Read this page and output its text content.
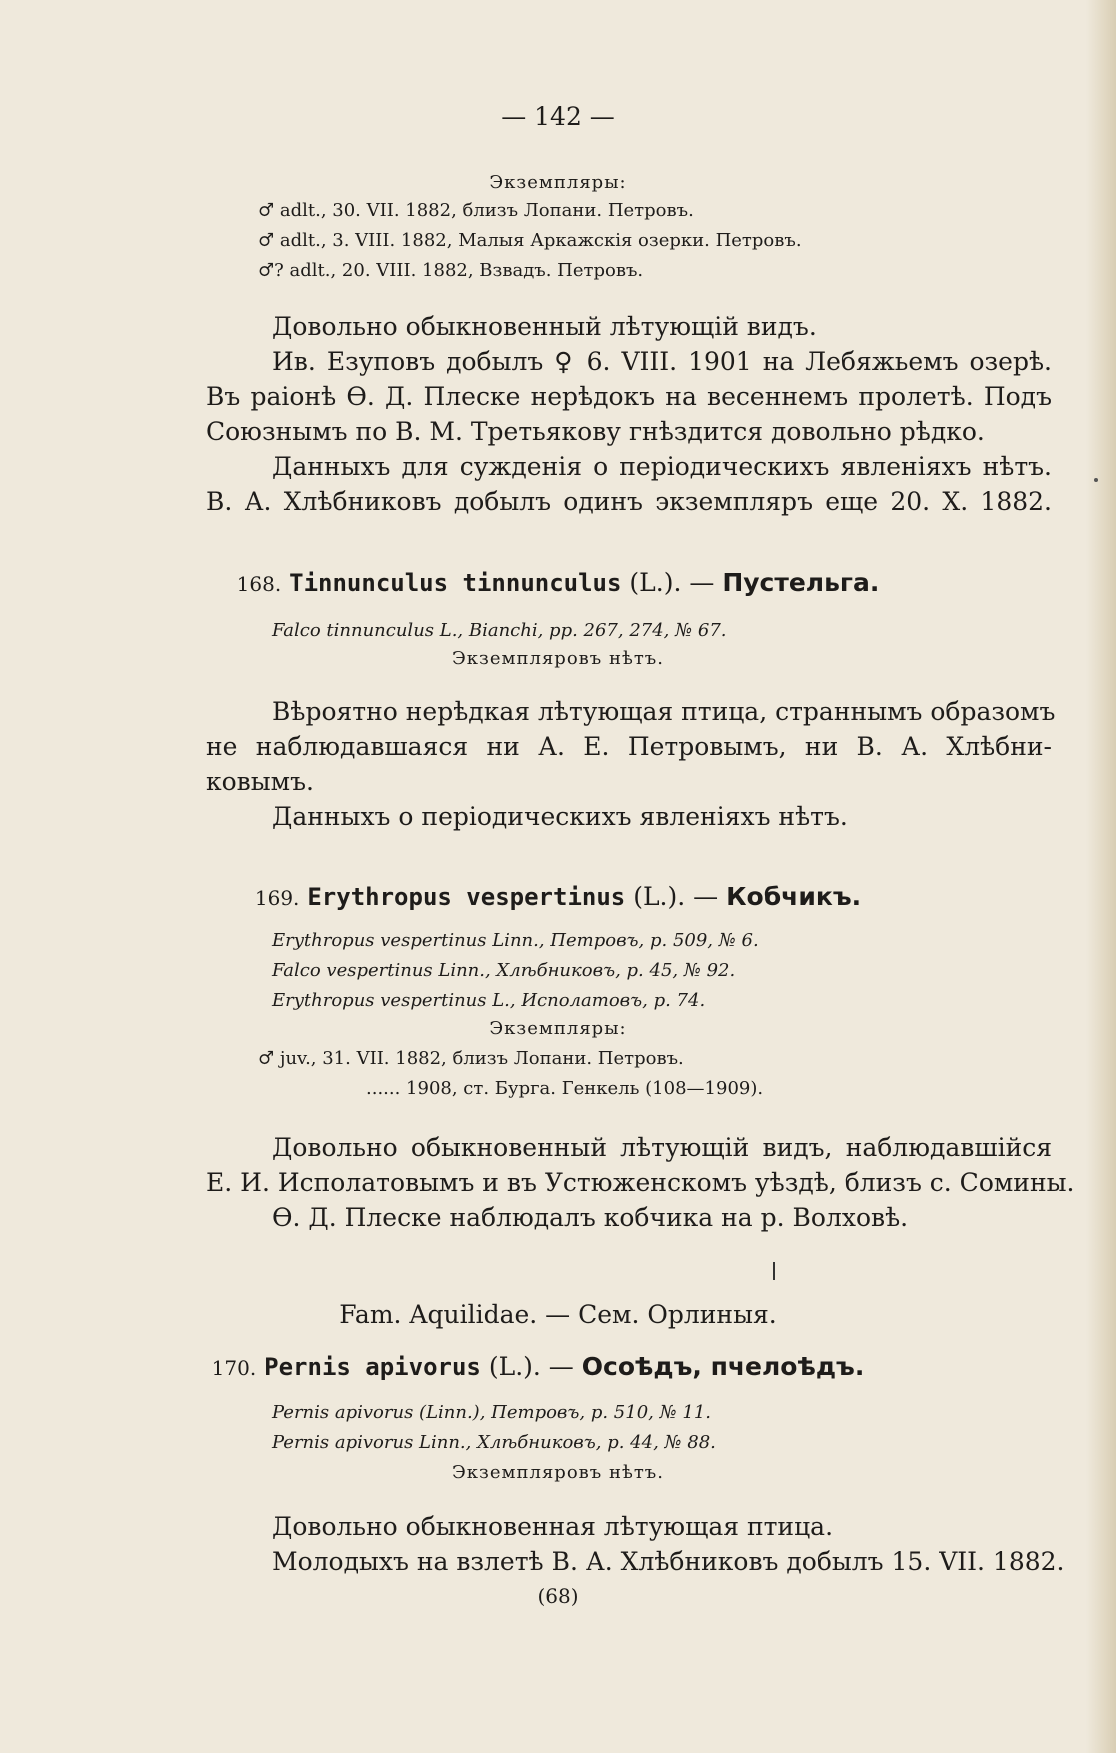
— 142 —
Экземпляры:
♂ adlt., 30. VII. 1882, близъ Лопани. Петровъ.
♂ adlt., 3. VIII. 1882, Малыя Аркажскія озерки. Петровъ.
♂? adlt., 20. VIII. 1882, Взвадъ. Петровъ.
Довольно обыкновенный лѣтующій видъ.
Ив. Езуповъ добылъ ♀ 6. VIII. 1901 на Лебяжьемъ озерѣ.
Въ раіонѣ Ѳ. Д. Плеске нерѣдокъ на весеннемъ пролетѣ. Подъ
Союзнымъ по В. М. Третьякову гнѣздится довольно рѣдко.
Данныхъ для сужденія о періодическихъ явленіяхъ нѣтъ.
В. А. Хлѣбниковъ добылъ одинъ экземпляръ еще 20. X. 1882.
168. Tinnunculus tinnunculus (L.). — Пустельга.
Falco tinnunculus L., Bianchi, pp. 267, 274, № 67.
Экземпляровъ нѣтъ.
Вѣроятно нерѣдкая лѣтующая птица, страннымъ образомъ
не наблюдавшаяся ни А. Е. Петровымъ, ни В. А. Хлѣбни-
ковымъ.
Данныхъ о періодическихъ явленіяхъ нѣтъ.
169. Erythropus vespertinus (L.). — Кобчикъ.
Erythropus vespertinus Linn., Петровъ, p. 509, № 6.
Falco vespertinus Linn., Хлѣбниковъ, p. 45, № 92.
Erythropus vespertinus L., Исполатовъ, p. 74.
Экземпляры:
♂ juv., 31. VII. 1882, близъ Лопани. Петровъ.
...... 1908, ст. Бурга. Генкель (108—1909).
Довольно обыкновенный лѣтующій видъ, наблюдавшійся
Е. И. Исполатовымъ и въ Устюженскомъ уѣздѣ, близъ с. Сомины.
Ѳ. Д. Плеске наблюдалъ кобчика на р. Волховѣ.
Fam. Aquilidae. — Сем. Орлиныя.
170. Pernis apivorus (L.). — Осоѣдъ, пчелоѣдъ.
Pernis apivorus (Linn.), Петровъ, p. 510, № 11.
Pernis apivorus Linn., Хлѣбниковъ, p. 44, № 88.
Экземпляровъ нѣтъ.
Довольно обыкновенная лѣтующая птица.
Молодыхъ на взлетѣ В. А. Хлѣбниковъ добылъ 15. VII. 1882.
(68)
